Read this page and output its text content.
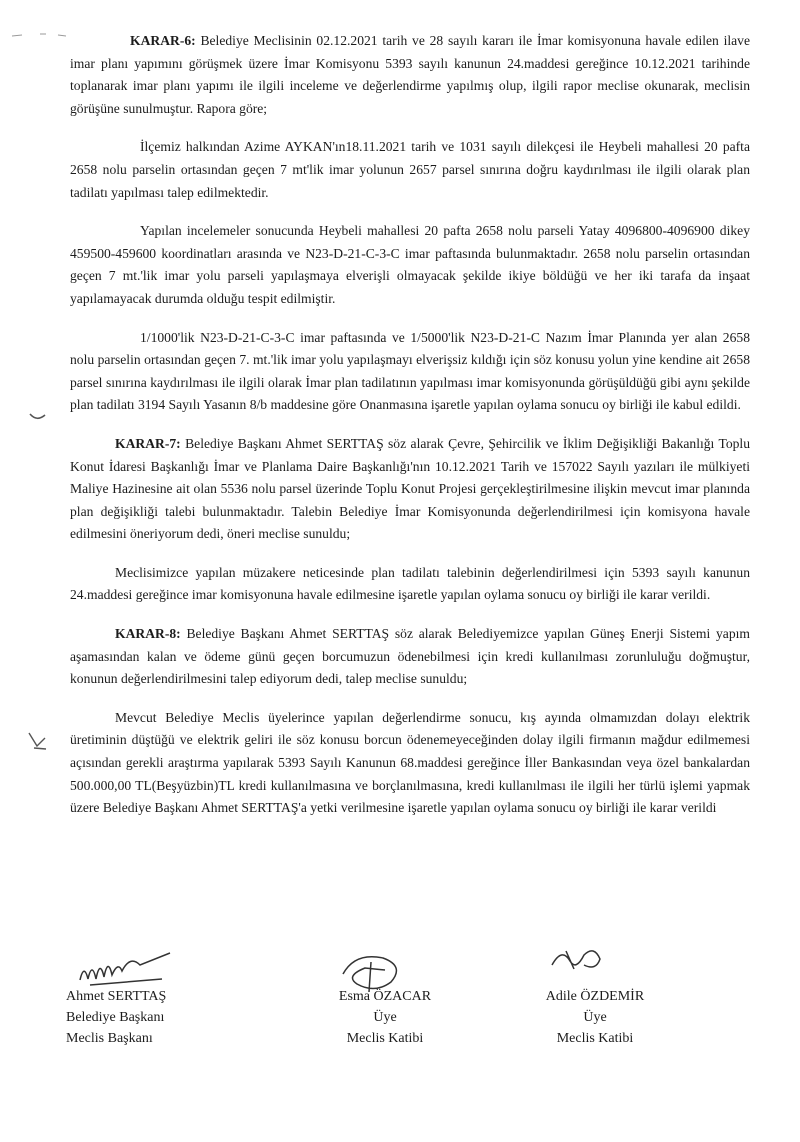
KARAR-6: Belediye Meclisinin 02.12.2021 tarih ve 28 sayılı kararı ile İmar komisyonuna havale edilen ilave imar planı yapımını görüşmek üzere İmar Komisyonu 5393 sayılı kanunun 24.maddesi gereğince 10.12.2021 tarihinde toplanarak imar planı yapımı ile ilgili inceleme ve değerlendirme yapılmış olup, ilgili rapor meclise okunarak, meclisin görüşüne sunulmuştur. Rapora göre;

İlçemiz halkından Azime AYKAN'ın18.11.2021 tarih ve 1031 sayılı dilekçesi ile Heybeli mahallesi 20 pafta 2658 nolu parselin ortasından geçen 7 mt'lik imar yolunun 2657 parsel sınırına doğru kaydırılması ile ilgili olarak plan tadilatı yapılması talep edilmektedir.

Yapılan incelemeler sonucunda Heybeli mahallesi 20 pafta 2658 nolu parseli Yatay 4096800-4096900 dikey 459500-459600 koordinatları arasında ve N23-D-21-C-3-C imar paftasında bulunmaktadır. 2658 nolu parselin ortasından geçen 7 mt.'lik imar yolu parseli yapılaşmaya elverişli olmayacak şekilde ikiye böldüğü ve her iki tarafa da inşaat yapılamayacak durumda olduğu tespit edilmiştir.

1/1000'lik N23-D-21-C-3-C imar paftasında ve 1/5000'lik N23-D-21-C Nazım İmar Planında yer alan 2658 nolu parselin ortasından geçen 7. mt.'lik imar yolu yapılaşmayı elverişsiz kıldığı için söz konusu yolun yine kendine ait 2658 parsel sınırına kaydırılması ile ilgili olarak İmar plan tadilatının yapılması imar komisyonunda görüşüldüğü gibi aynı şekilde plan tadilatı 3194 Sayılı Yasanın 8/b maddesine göre Onanmasına işaretle yapılan oylama sonucu oy birliği ile kabul edildi.

KARAR-7: Belediye Başkanı Ahmet SERTTAŞ söz alarak Çevre, Şehircilik ve İklim Değişikliği Bakanlığı Toplu Konut İdaresi Başkanlığı İmar ve Planlama Daire Başkanlığı'nın 10.12.2021 Tarih ve 157022 Sayılı yazıları ile mülkiyeti Maliye Hazinesine ait olan 5536 nolu parsel üzerinde Toplu Konut Projesi gerçekleştirilmesine ilişkin mevcut imar planında plan değişikliği talebi bulunmaktadır. Talebin Belediye İmar Komisyonunda değerlendirilmesi için komisyona havale edilmesini öneriyorum dedi, öneri meclise sunuldu;

Meclisimizce yapılan müzakere neticesinde plan tadilatı talebinin değerlendirilmesi için 5393 sayılı kanunun 24.maddesi gereğince imar komisyonuna havale edilmesine işaretle yapılan oylama sonucu oy birliği ile karar verildi.

KARAR-8: Belediye Başkanı Ahmet SERTTAŞ söz alarak Belediyemizce yapılan Güneş Enerji Sistemi yapım aşamasından kalan ve ödeme günü geçen borcumuzun ödenebilmesi için kredi kullanılması zorunluluğu doğmuştur, konunun değerlendirilmesini talep ediyorum dedi, talep meclise sunuldu;

Mevcut Belediye Meclis üyelerince yapılan değerlendirme sonucu, kış ayında olmamızdan dolayı elektrik üretiminin düştüğü ve elektrik geliri ile söz konusu borcun ödenemeyeceğinden dolay ilgili firmanın mağdur edilmemesi açısından gerekli araştırma yapılarak 5393 Sayılı Kanunun 68.maddesi gereğince İller Bankasından veya özel bankalardan 500.000,00 TL(Beşyüzbin)TL kredi kullanılmasına ve borçlanılmasına, kredi kullanılması ile ilgili her türlü işlemi yapmak üzere Belediye Başkanı Ahmet SERTTAŞ'a yetki verilmesine işaretle yapılan oylama sonucu oy birliği ile karar verildi

Ahmet SERTTAŞ
Belediye Başkanı
Meclis Başkanı
Esma ÖZACAR
Üye
Meclis Katibi
Adile ÖZDEMİR
Üye
Meclis Katibi
